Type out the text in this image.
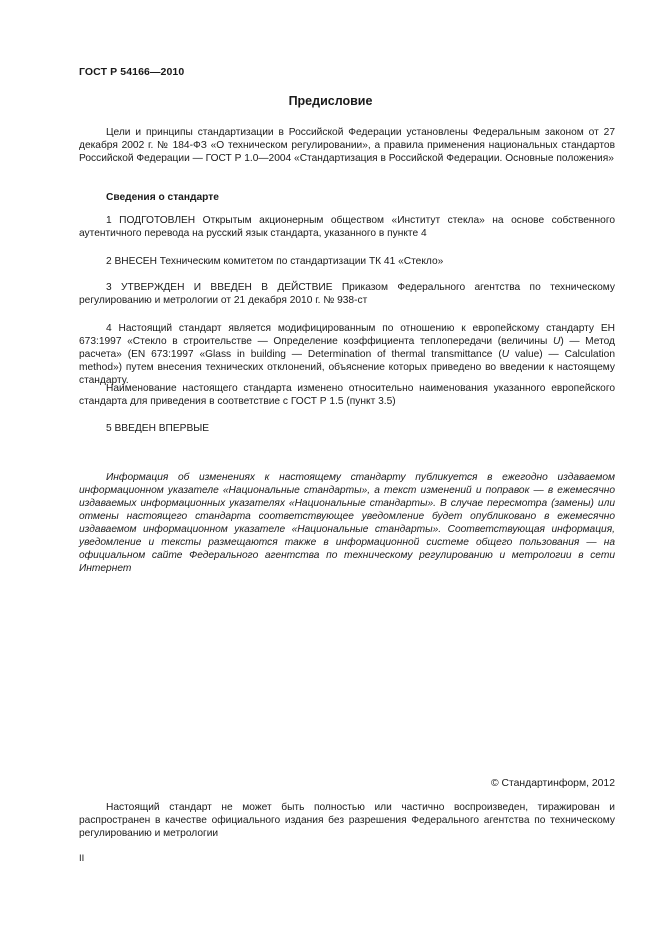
ГОСТ Р 54166—2010
Предисловие

Цели и принципы стандартизации в Российской Федерации установлены Федеральным законом от 27 декабря 2002 г. № 184-ФЗ «О техническом регулировании», а правила применения национальных стандартов Российской Федерации — ГОСТ Р 1.0—2004 «Стандартизация в Российской Федерации. Основные положения»

Сведения о стандарте

1 ПОДГОТОВЛЕН Открытым акционерным обществом «Институт стекла» на основе собственного аутентичного перевода на русский язык стандарта, указанного в пункте 4

2 ВНЕСЕН Техническим комитетом по стандартизации ТК 41 «Стекло»

3 УТВЕРЖДЕН И ВВЕДЕН В ДЕЙСТВИЕ Приказом Федерального агентства по техническому регулированию и метрологии от 21 декабря 2010 г. № 938-ст

4 Настоящий стандарт является модифицированным по отношению к европейскому стандарту ЕН 673:1997 «Стекло в строительстве — Определение коэффициента теплопередачи (величины U) — Метод расчета» (EN 673:1997 «Glass in building — Determination of thermal transmittance (U value) — Calculation method») путем внесения технических отклонений, объяснение которых приведено во введении к настоящему стандарту.

Наименование настоящего стандарта изменено относительно наименования указанного европейского стандарта для приведения в соответствие с ГОСТ Р 1.5 (пункт 3.5)

5 ВВЕДЕН ВПЕРВЫЕ

Информация об изменениях к настоящему стандарту публикуется в ежегодно издаваемом информационном указателе «Национальные стандарты», а текст изменений и поправок — в ежемесячно издаваемых информационных указателях «Национальные стандарты». В случае пересмотра (замены) или отмены настоящего стандарта соответствующее уведомление будет опубликовано в ежемесячно издаваемом информационном указателе «Национальные стандарты». Соответствующая информация, уведомление и тексты размещаются также в информационной системе общего пользования — на официальном сайте Федерального агентства по техническому регулированию и метрологии в сети Интернет

© Стандартинформ, 2012

Настоящий стандарт не может быть полностью или частично воспроизведен, тиражирован и распространен в качестве официального издания без разрешения Федерального агентства по техническому регулированию и метрологии

II
